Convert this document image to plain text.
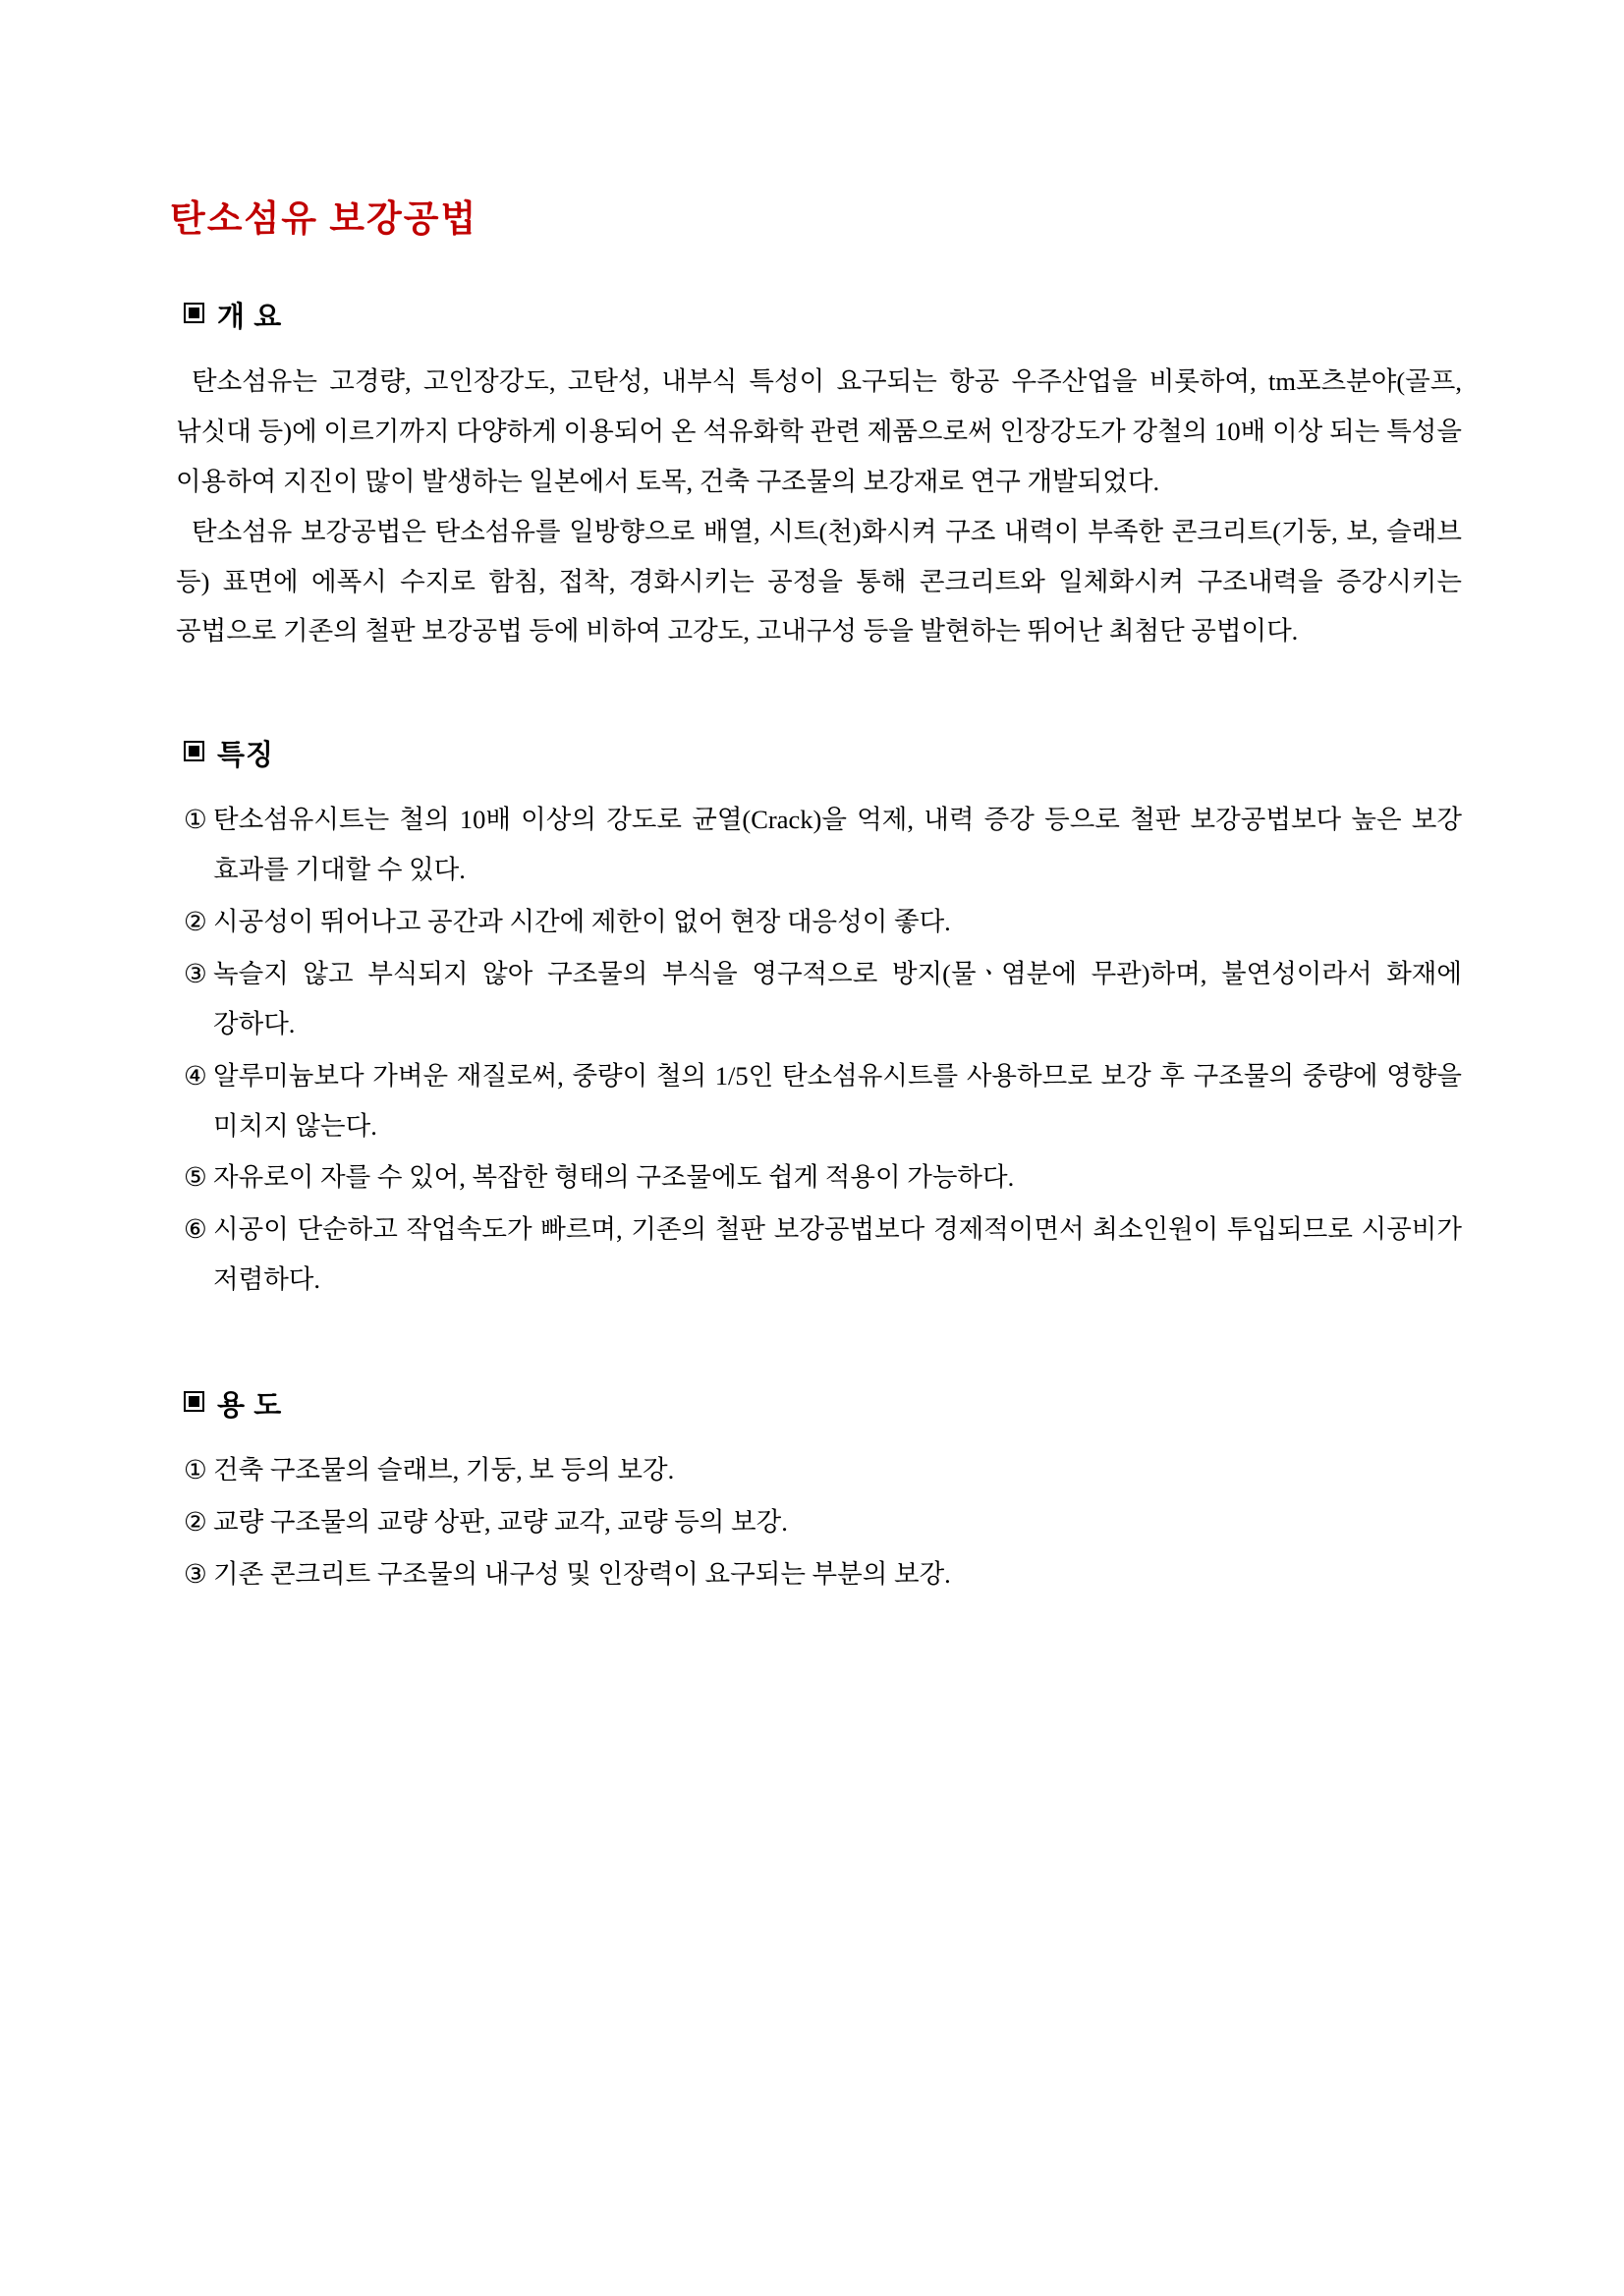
탄소섬유 보강공법
개 요

탄소섬유는 고경량, 고인장강도, 고탄성, 내부식 특성이 요구되는 항공 우주산업을 비롯하여, tm포츠분야(골프, 낚싯대 등)에 이르기까지 다양하게 이용되어 온 석유화학 관련 제품으로써 인장강도가 강철의 10배 이상 되는 특성을 이용하여 지진이 많이 발생하는 일본에서 토목, 건축 구조물의 보강재로 연구 개발되었다.

탄소섬유 보강공법은 탄소섬유를 일방향으로 배열, 시트(천)화시켜 구조 내력이 부족한 콘크리트(기둥, 보, 슬래브 등) 표면에 에폭시 수지로 함침, 접착, 경화시키는 공정을 통해 콘크리트와 일체화시켜 구조내력을 증강시키는 공법으로 기존의 철판 보강공법 등에 비하여 고강도, 고내구성 등을 발현하는 뛰어난 최첨단 공법이다.

특징
① 탄소섬유시트는 철의 10배 이상의 강도로 균열(Crack)을 억제, 내력 증강 등으로 철판 보강공법보다 높은 보강 효과를 기대할 수 있다.
② 시공성이 뛰어나고 공간과 시간에 제한이 없어 현장 대응성이 좋다.
③ 녹슬지 않고 부식되지 않아 구조물의 부식을 영구적으로 방지(물ㆍ염분에 무관)하며, 불연성이라서 화재에 강하다.
④ 알루미늄보다 가벼운 재질로써, 중량이 철의 1/5인 탄소섬유시트를 사용하므로 보강 후 구조물의 중량에 영향을 미치지 않는다.
⑤ 자유로이 자를 수 있어, 복잡한 형태의 구조물에도 쉽게 적용이 가능하다.
⑥ 시공이 단순하고 작업속도가 빠르며, 기존의 철판 보강공법보다 경제적이면서 최소인원이 투입되므로 시공비가 저렴하다.
용 도
① 건축 구조물의 슬래브, 기둥, 보 등의 보강.
② 교량 구조물의 교량 상판, 교량 교각, 교량 등의 보강.
③ 기존 콘크리트 구조물의 내구성 및 인장력이 요구되는 부분의 보강.
